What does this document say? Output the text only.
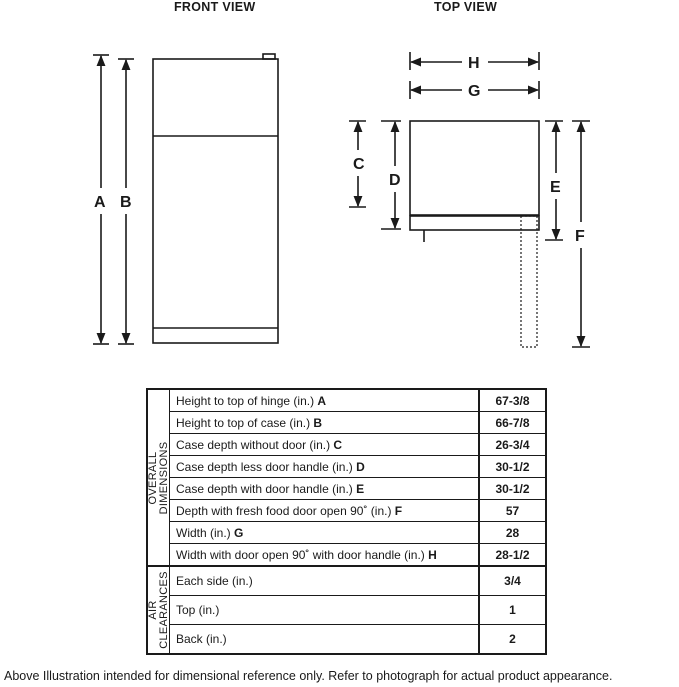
FRONT VIEW	TOP VIEW
A B
H
G
C
D	E
F
OVERALL
DIMENSIONS	Height to top of hinge (in.) A	67-3/8
	Height to top of case (in.) B	66-7/8
	Case depth without door (in.) C	26-3/4
	Case depth less door handle (in.) D	30-1/2
	Case depth with door handle (in.) E	30-1/2
	Depth with fresh food door open 90˚ (in.) F	57
	Width (in.) G	28
	Width with door open 90˚ with door handle (in.) H	28-1/2

AIR
CLEARANCES	Each side (in.)	3/4
	Top (in.)	1
	Back (in.)	2
Above Illustration intended for dimensional reference only. Refer to photograph for actual product appearance.
